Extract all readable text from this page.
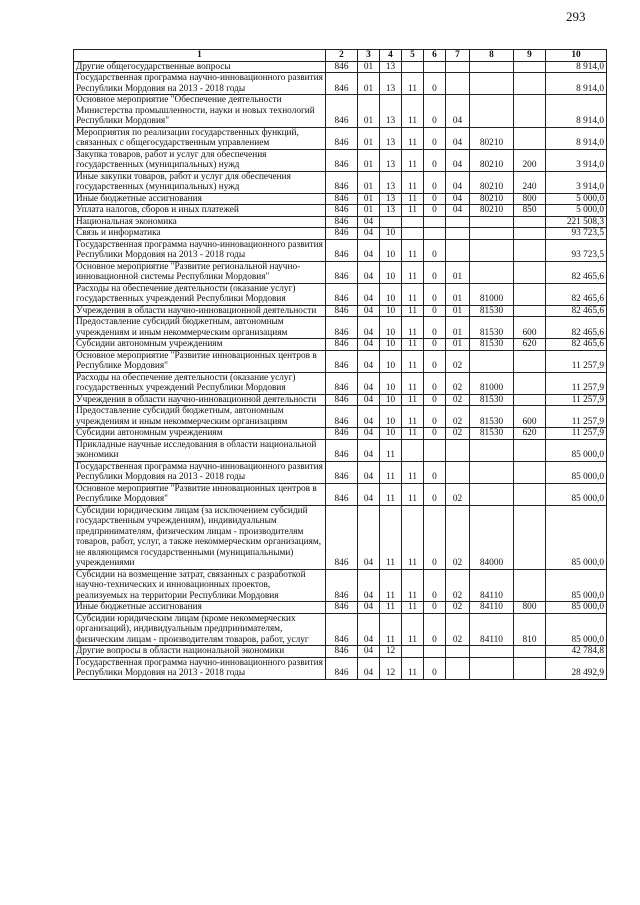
293
1	2	3	4	5	6	7	8	9	10
Другие общегосударственные вопросы	846	01	13						8 914,0
Государственная программа научно-инновационного развития Республики Мордовия на 2013 - 2018 годы	846	01	13	11	0				8 914,0
Основное мероприятие "Обеспечение деятельности Министерства промышленности, науки и новых технологий Республики Мордовия"	846	01	13	11	0	04			8 914,0
Мероприятия по реализации государственных функций, связанных с общегосударственным управлением	846	01	13	11	0	04	80210		8 914,0
Закупка товаров, работ и услуг для обеспечения государственных (муниципальных) нужд	846	01	13	11	0	04	80210	200	3 914,0
Иные закупки товаров, работ и услуг для обеспечения государственных (муниципальных) нужд	846	01	13	11	0	04	80210	240	3 914,0
Иные бюджетные ассигнования	846	01	13	11	0	04	80210	800	5 000,0
Уплата налогов, сборов и иных платежей	846	01	13	11	0	04	80210	850	5 000,0
Национальная экономика	846	04							221 508,3
Связь и информатика	846	04	10						93 723,5
Государственная программа научно-инновационного развития Республики Мордовия на 2013 - 2018 годы	846	04	10	11	0				93 723,5
Основное мероприятие "Развитие региональной научно-инновационной системы Республики Мордовия"	846	04	10	11	0	01			82 465,6
Расходы на обеспечение деятельности (оказание услуг) государственных учреждений Республики Мордовия	846	04	10	11	0	01	81000		82 465,6
Учреждения в области научно-инновационной деятельности	846	04	10	11	0	01	81530		82 465,6
Предоставление субсидий бюджетным, автономным учреждениям и иным некоммерческим организациям	846	04	10	11	0	01	81530	600	82 465,6
Субсидии автономным учреждениям	846	04	10	11	0	01	81530	620	82 465,6
Основное мероприятие "Развитие инновационных центров в Республике Мордовия"	846	04	10	11	0	02			11 257,9
Расходы на обеспечение деятельности (оказание услуг) государственных учреждений Республики Мордовия	846	04	10	11	0	02	81000		11 257,9
Учреждения в области научно-инновационной деятельности	846	04	10	11	0	02	81530		11 257,9
Предоставление субсидий бюджетным, автономным учреждениям и иным некоммерческим организациям	846	04	10	11	0	02	81530	600	11 257,9
Субсидии автономным учреждениям	846	04	10	11	0	02	81530	620	11 257,9
Прикладные научные исследования в области национальной экономики	846	04	11						85 000,0
Государственная программа научно-инновационного развития Республики Мордовия на 2013 - 2018 годы	846	04	11	11	0				85 000,0
Основное мероприятие "Развитие инновационных центров в Республике Мордовия"	846	04	11	11	0	02			85 000,0
Субсидии юридическим лицам (за исключением субсидий государственным учреждениям), индивидуальным предпринимателям, физическим лицам - производителям товаров, работ, услуг, а также некоммерческим организациям, не являющимся государственными (муниципальными) учреждениями	846	04	11	11	0	02	84000		85 000,0
Субсидии на возмещение затрат, связанных с разработкой научно-технических и инновационных проектов, реализуемых на территории Республики Мордовия	846	04	11	11	0	02	84110		85 000,0
Иные бюджетные ассигнования	846	04	11	11	0	02	84110	800	85 000,0
Субсидии юридическим лицам (кроме некоммерческих организаций), индивидуальным предпринимателям, физическим лицам - производителям товаров, работ, услуг	846	04	11	11	0	02	84110	810	85 000,0
Другие вопросы в области национальной экономики	846	04	12						42 784,8
Государственная программа научно-инновационного развития Республики Мордовия на 2013 - 2018 годы	846	04	12	11	0				28 492,9
